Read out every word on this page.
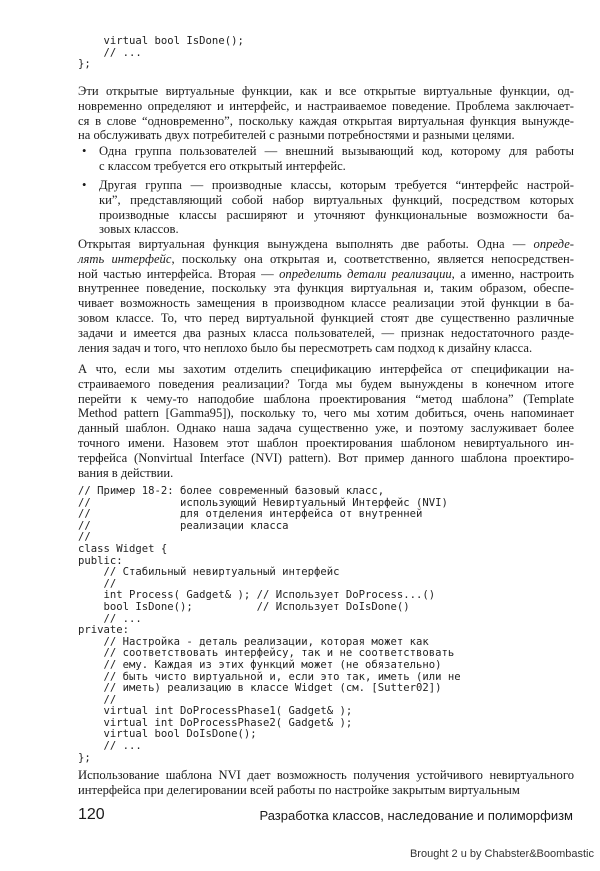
virtual bool IsDone();
// ...
};
Эти открытые виртуальные функции, как и все открытые виртуальные функции, од-
новременно определяют и интерфейс, и настраиваемое поведение. Проблема заключает-
ся в слове “одновременно”, поскольку каждая открытая виртуальная функция вынужде-
на обслуживать двух потребителей с разными потребностями и разными целями.
• Одна группа пользователей — внешний вызывающий код, которому для работы
с классом требуется его открытый интерфейс.
• Другая группа — производные классы, которым требуется “интерфейс настрой-
ки”, представляющий собой набор виртуальных функций, посредством которых
производные классы расширяют и уточняют функциональные возможности ба-
зовых классов.
Открытая виртуальная функция вынуждена выполнять две работы. Одна — опреде-
лять интерфейс, поскольку она открытая и, соответственно, является непосредствен-
ной частью интерфейса. Вторая — определить детали реализации, а именно, настроить
внутреннее поведение, поскольку эта функция виртуальная и, таким образом, обеспе-
чивает возможность замещения в производном классе реализации этой функции в ба-
зовом классе. То, что перед виртуальной функцией стоят две существенно различные
задачи и имеется два разных класса пользователей, — признак недостаточного разде-
ления задач и того, что неплохо было бы пересмотреть сам подход к дизайну класса.
А что, если мы захотим отделить спецификацию интерфейса от спецификации на-
страиваемого поведения реализации? Тогда мы будем вынуждены в конечном итоге
перейти к чему-то наподобие шаблона проектирования “метод шаблона” (Template
Method pattern [Gamma95]), поскольку то, чего мы хотим добиться, очень напоминает
данный шаблон. Однако наша задача существенно уже, и поэтому заслуживает более
точного имени. Назовем этот шаблон проектирования шаблоном невиртуального ин-
терфейса (Nonvirtual Interface (NVI) pattern). Вот пример данного шаблона проектиро-
вания в действии.
// Пример 18-2: более современный базовый класс,
//              использующий Невиртуальный Интерфейс (NVI)
//              для отделения интерфейса от внутренней
//              реализации класса
//
class Widget {
public:
// Стабильный невиртуальный интерфейс
//
int Process( Gadget& ); // Использует DoProcess...()
bool IsDone();          // Использует DoIsDone()
// ...
private:
// Настройка - деталь реализации, которая может как
// соответствовать интерфейсу, так и не соответствовать
// ему. Каждая из этих функций может (не обязательно)
// быть чисто виртуальной и, если это так, иметь (или не
// иметь) реализацию в классе Widget (см. [Sutter02])
//
virtual int DoProcessPhase1( Gadget& );
virtual int DoProcessPhase2( Gadget& );
virtual bool DoIsDone();
// ...
};
Использование шаблона NVI дает возможность получения устойчивого невиртуального
интерфейса при делегировании всей работы по настройке закрытым виртуальным
120	Разработка классов, наследование и полиморфизм
Brought 2 u by Chabster&Boombastic
